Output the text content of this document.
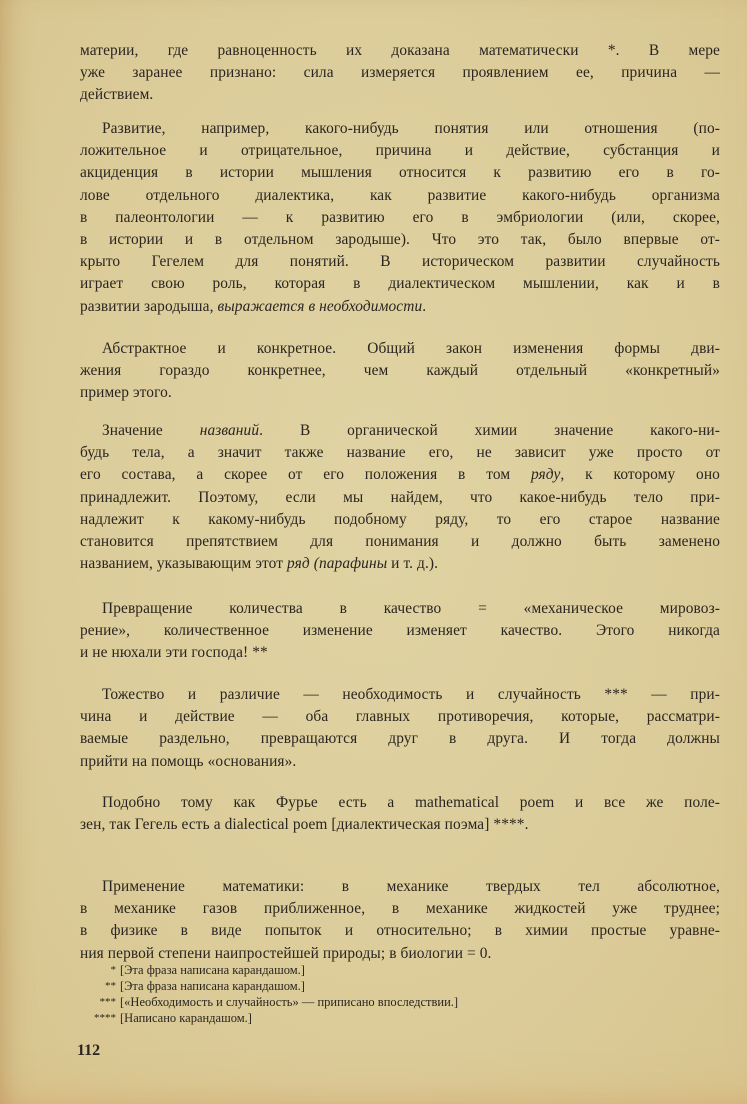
материи, где равноценность их доказана математически *. В мере
уже заранее признано: сила измеряется проявлением ее, причина —
действием.
Развитие, например, какого-нибудь понятия или отношения (по-
ложительное и отрицательное, причина и действие, субстанция и
акциденция в истории мышления относится к развитию его в го-
лове отдельного диалектика, как развитие какого-нибудь организма
в палеонтологии — к развитию его в эмбриологии (или, скорее,
в истории и в отдельном зародыше). Что это так, было впервые от-
крыто Гегелем для понятий. В историческом развитии случайность
играет свою роль, которая в диалектическом мышлении, как и в
развитии зародыша, выражается в необходимости.
Абстрактное и конкретное. Общий закон изменения формы дви-
жения гораздо конкретнее, чем каждый отдельный «конкретный»
пример этого.
Значение названий. В органической химии значение какого-ни-
будь тела, а значит также название его, не зависит уже просто от
его состава, а скорее от его положения в том ряду, к которому оно
принадлежит. Поэтому, если мы найдем, что какое-нибудь тело при-
надлежит к какому-нибудь подобному ряду, то его старое название
становится препятствием для понимания и должно быть заменено
названием, указывающим этот ряд (парафины и т. д.).
Превращение количества в качество = «механическое мировоз-
рение», количественное изменение изменяет качество. Этого никогда
и не нюхали эти господа! **
Тожество и различие — необходимость и случайность *** — при-
чина и действие — оба главных противоречия, которые, рассматри-
ваемые раздельно, превращаются друг в друга. И тогда должны
прийти на помощь «основания».
Подобно тому как Фурье есть a mathematical poem и все же поле-
зен, так Гегель есть a dialectical poem [диалектическая поэма] ****.
Применение математики: в механике твердых тел абсолютное,
в механике газов приближенное, в механике жидкостей уже труднее;
в физике в виде попыток и относительно; в химии простые уравне-
ния первой степени наипростейшей природы; в биологии = 0.
* [Эта фраза написана карандашом.]
** [Эта фраза написана карандашом.]
*** [«Необходимость и случайность» — приписано впоследствии.]
**** [Написано карандашом.]
112
